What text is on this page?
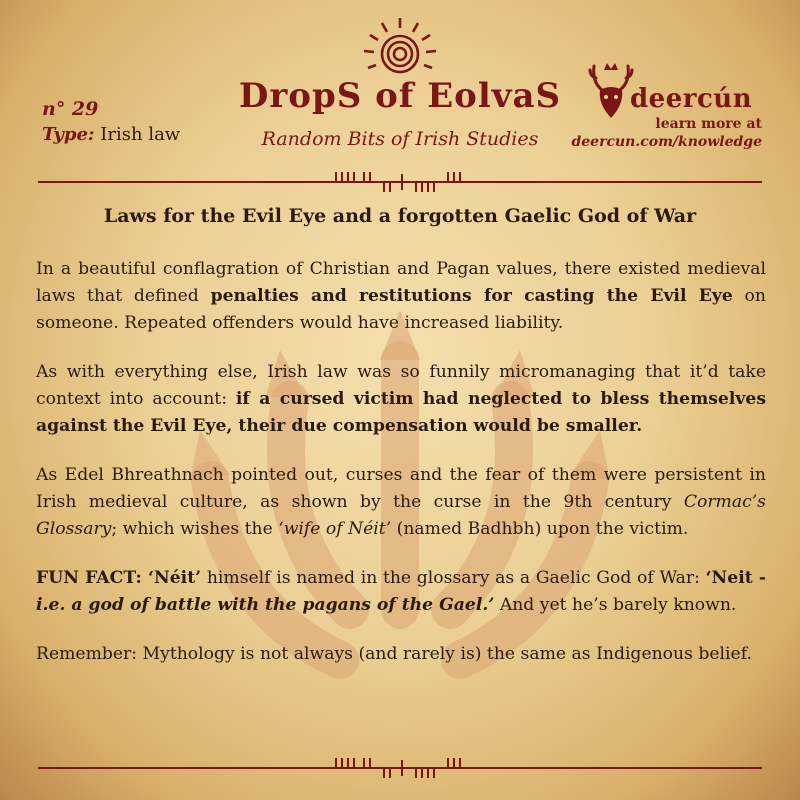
n° 29
Type: Irish law
DropS of EolvaS
Random Bits of Irish Studies
deercún
learn more at
deercun.com/knowledge
Laws for the Evil Eye and a forgotten Gaelic God of War

In a beautiful conflagration of Christian and Pagan values, there existed medieval laws that defined penalties and restitutions for casting the Evil Eye on someone. Repeated offenders would have increased liability.

As with everything else, Irish law was so funnily micromanaging that it’d take context into account: if a cursed victim had neglected to bless themselves against the Evil Eye, their due compensation would be smaller.

As Edel Bhreathnach pointed out, curses and the fear of them were persistent in Irish medieval culture, as shown by the curse in the 9th century Cormac’s Glossary; which wishes the ‘wife of Néit’ (named Badhbh) upon the victim.

FUN FACT: ‘Néit’ himself is named in the glossary as a Gaelic God of War: ‘Neit - i.e. a god of battle with the pagans of the Gael.’ And yet he’s barely known.

Remember: Mythology is not always (and rarely is) the same as Indigenous belief.
